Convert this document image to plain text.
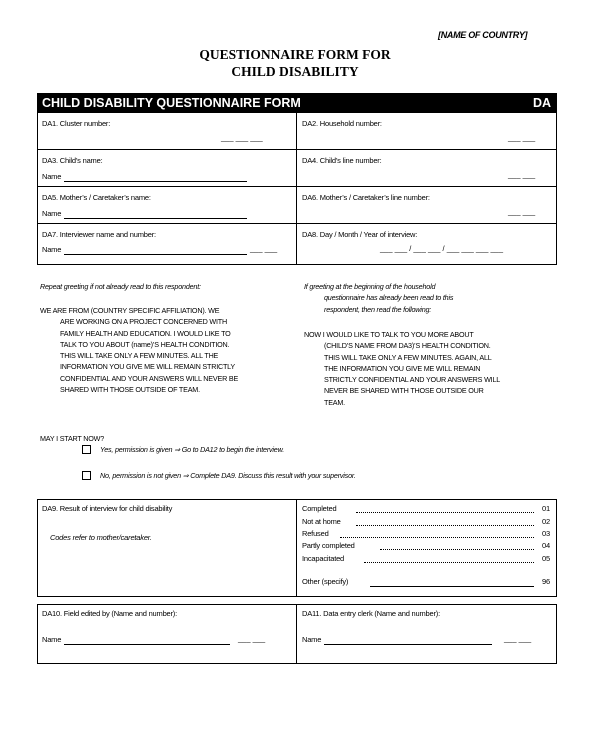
[NAME OF COUNTRY]
QUESTIONNAIRE FORM FOR
CHILD DISABILITY
CHILD DISABILITY QUESTIONNAIRE FORM	DA
DA1. Cluster number:
___ ___ ___
DA2. Household number:
___ ___
DA3. Child’s name:
Name
DA4. Child’s line number:
___ ___
DA5. Mother’s / Caretaker’s name:
Name
DA6. Mother’s / Caretaker’s line number:
___ ___
DA7. Interviewer name and number:
Name	___ ___
DA8. Day / Month / Year of interview:
___ ___ / ___ ___ / ___ ___ ___ ___
Repeat greeting if not already read to this respondent:
WE ARE FROM (COUNTRY SPECIFIC AFFILIATION). WE
ARE WORKING ON A PROJECT CONCERNED WITH
FAMILY HEALTH AND EDUCATION. I WOULD LIKE TO
TALK TO YOU ABOUT (name)’S HEALTH CONDITION.
THIS WILL TAKE ONLY A FEW MINUTES. ALL THE
INFORMATION YOU GIVE ME WILL REMAIN STRICTLY
CONFIDENTIAL AND YOUR ANSWERS WILL NEVER BE
SHARED WITH THOSE OUTSIDE OF TEAM.
If greeting at the beginning of the household
questionnaire has already been read to this
respondent, then read the following:
NOW I WOULD LIKE TO TALK TO YOU MORE ABOUT
(CHILD’S NAME FROM DA3)’S HEALTH CONDITION.
THIS WILL TAKE ONLY A FEW MINUTES. AGAIN, ALL
THE INFORMATION YOU GIVE ME WILL REMAIN
STRICTLY CONFIDENTIAL AND YOUR ANSWERS WILL
NEVER BE SHARED WITH THOSE OUTSIDE OUR
TEAM.
MAY I START NOW?
Yes, permission is given ⇒ Go to DA12 to begin the interview.
No, permission is not given ⇒ Complete DA9. Discuss this result with your supervisor.
DA9. Result of interview for child disability
Codes refer to mother/caretaker.
Completed	01
Not at home	02
Refused	03
Partly completed	04
Incapacitated	05
Other (specify)	96
DA10. Field edited by (Name and number):
Name	___ ___
DA11. Data entry clerk (Name and number):
Name	___ ___
